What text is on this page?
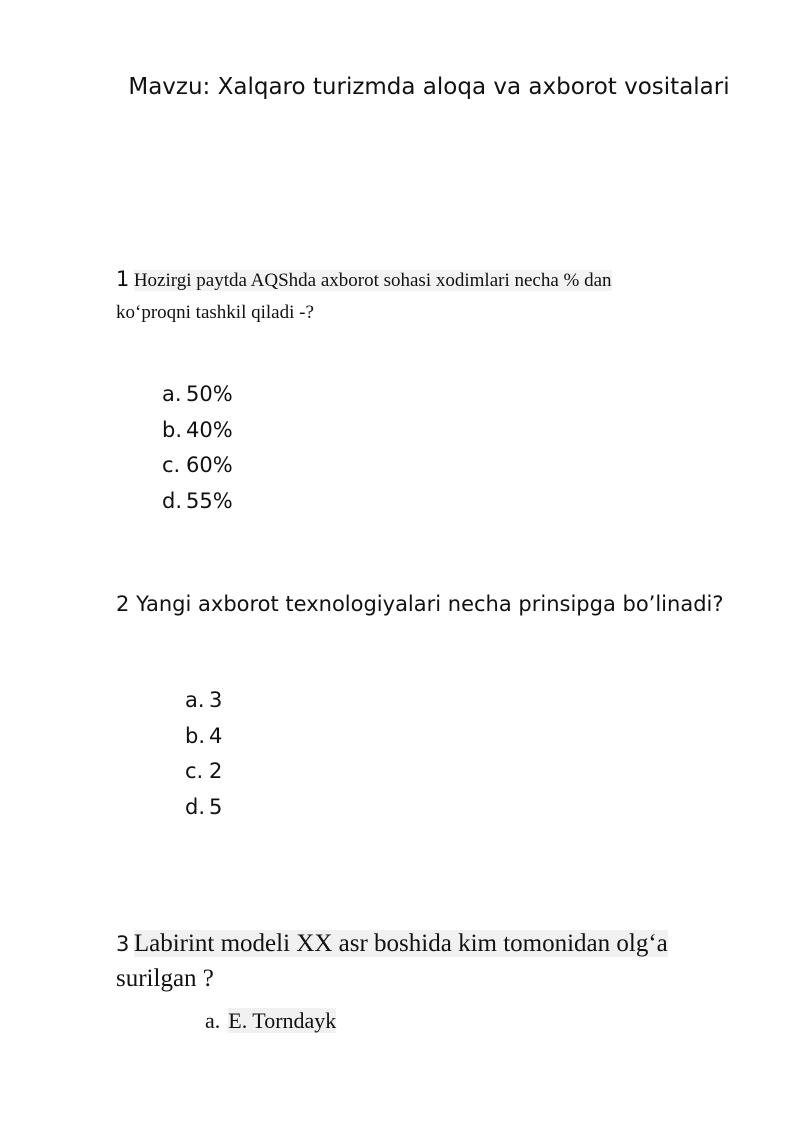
Mavzu: Xalqaro turizmda aloqa va axborot vositalari
1 Hozirgi paytda AQShda axborot sohasi xodimlari necha % dan
ko‘proqni tashkil qiladi -?
a. 50%
b. 40%
c. 60%
d. 55%
2 Yangi axborot texnologiyalari necha prinsipga bo’linadi?
a. 3
b. 4
c. 2
d. 5
3 Labirint modeli XX asr boshida kim tomonidan olg‘a
surilgan ?
a. E. Torndayk
